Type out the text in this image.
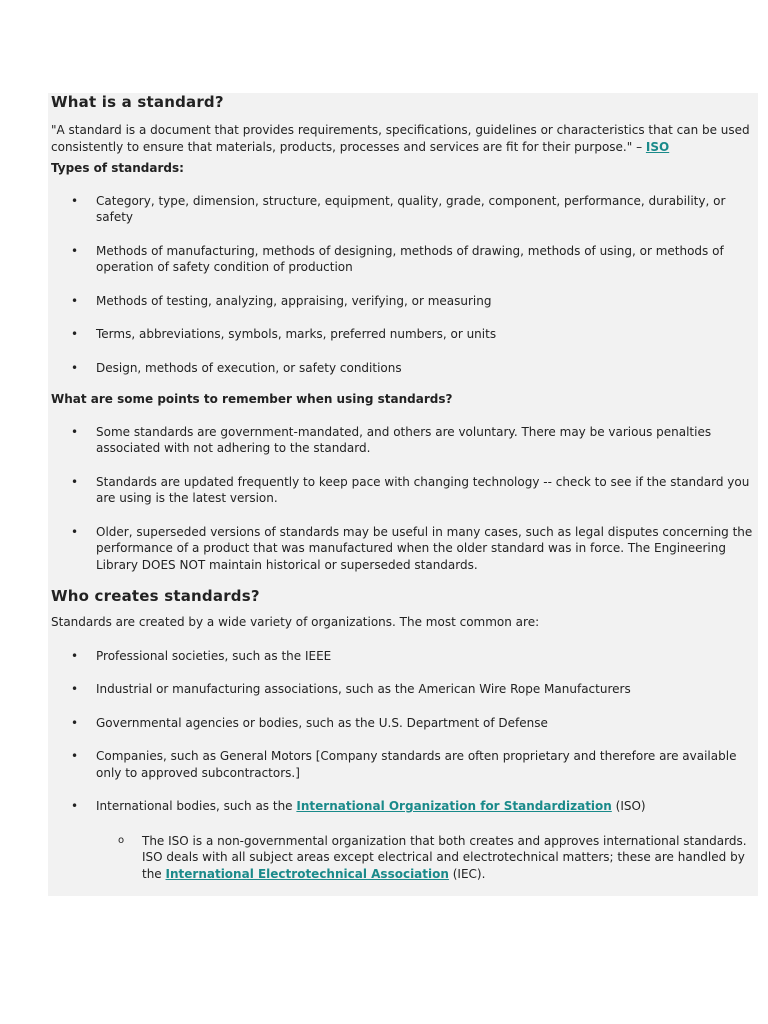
What is a standard?

"A standard is a document that provides requirements, specifications, guidelines or characteristics that can be used consistently to ensure that materials, products, processes and services are fit for their purpose." – ISO

Types of standards:

• Category, type, dimension, structure, equipment, quality, grade, component, performance, durability, or safety
• Methods of manufacturing, methods of designing, methods of drawing, methods of using, or methods of operation of safety condition of production
• Methods of testing, analyzing, appraising, verifying, or measuring
• Terms, abbreviations, symbols, marks, preferred numbers, or units
• Design, methods of execution, or safety conditions

What are some points to remember when using standards?

• Some standards are government-mandated, and others are voluntary. There may be various penalties associated with not adhering to the standard.
• Standards are updated frequently to keep pace with changing technology -- check to see if the standard you are using is the latest version.
• Older, superseded versions of standards may be useful in many cases, such as legal disputes concerning the performance of a product that was manufactured when the older standard was in force. The Engineering Library DOES NOT maintain historical or superseded standards.
Who creates standards?

Standards are created by a wide variety of organizations. The most common are:

• Professional societies, such as the IEEE
• Industrial or manufacturing associations, such as the American Wire Rope Manufacturers
• Governmental agencies or bodies, such as the U.S. Department of Defense
• Companies, such as General Motors [Company standards are often proprietary and therefore are available only to approved subcontractors.]
• International bodies, such as the International Organization for Standardization (ISO)
o The ISO is a non-governmental organization that both creates and approves international standards. ISO deals with all subject areas except electrical and electrotechnical matters; these are handled by the International Electrotechnical Association (IEC).
